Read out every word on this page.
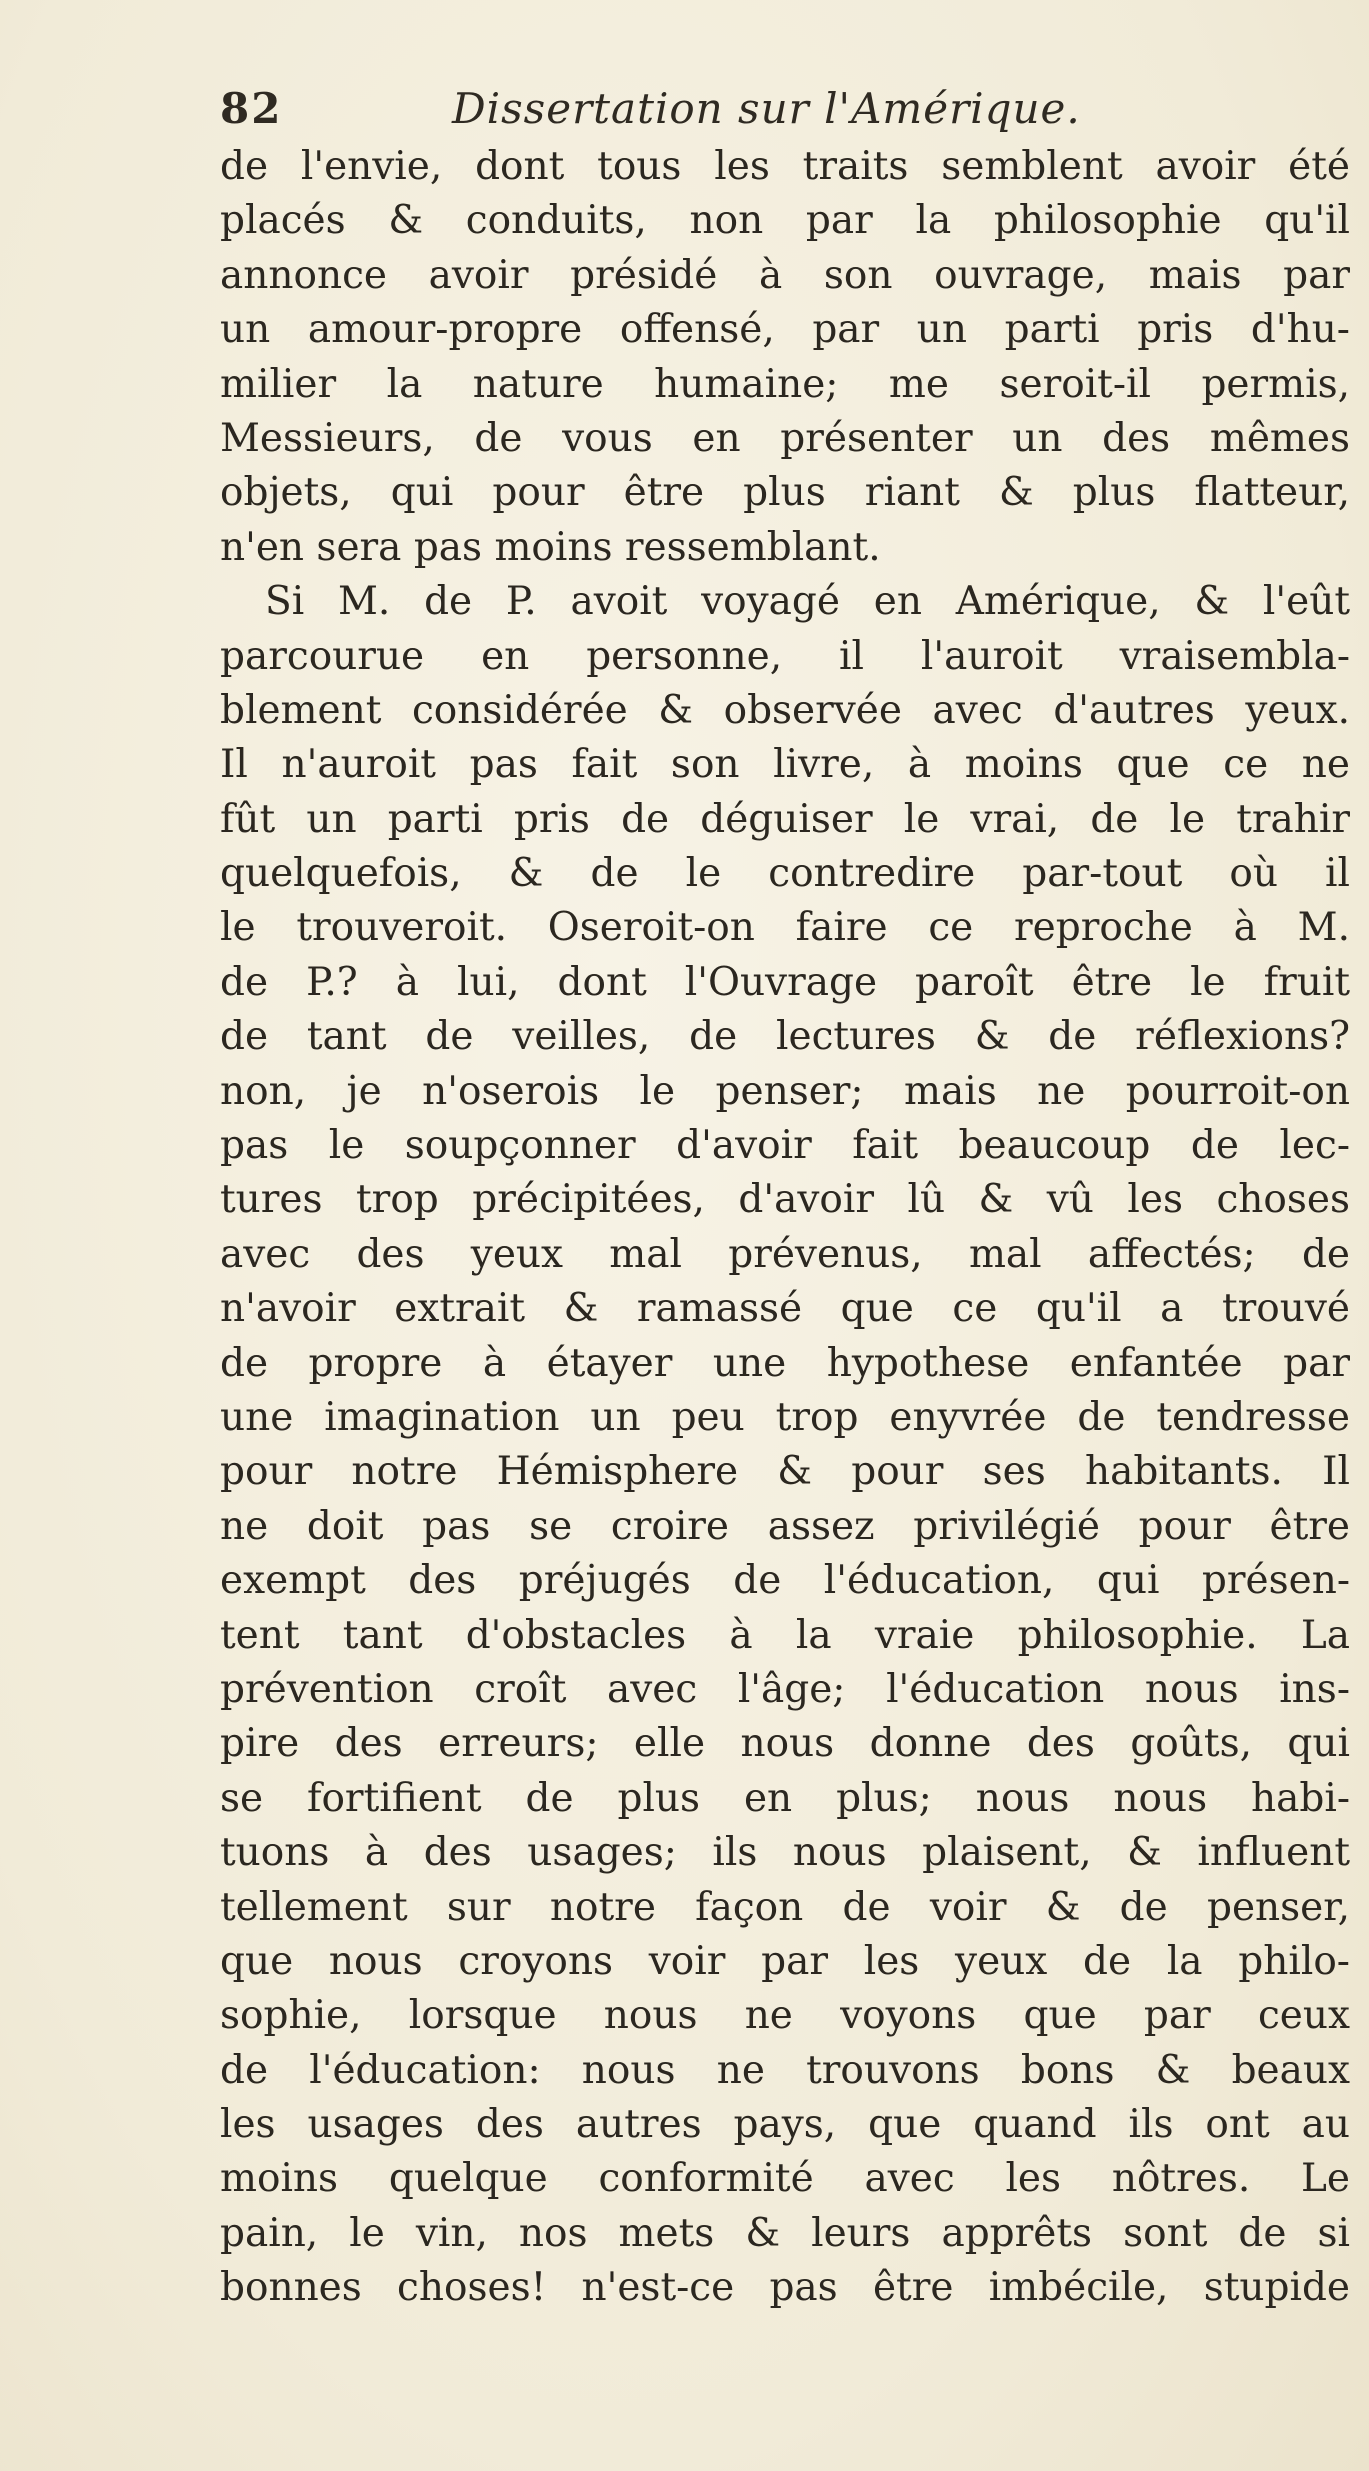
82	Dissertation sur l'Amérique.
de l'envie, dont tous les traits semblent avoir été
placés & conduits, non par la philosophie qu'il
annonce avoir présidé à son ouvrage, mais par
un amour-propre offensé, par un parti pris d'hu-
milier la nature humaine; me seroit-il permis,
Messieurs, de vous en présenter un des mêmes
objets, qui pour être plus riant & plus flatteur,
n'en sera pas moins ressemblant.
Si M. de P. avoit voyagé en Amérique, & l'eût
parcourue en personne, il l'auroit vraisembla-
blement considérée & observée avec d'autres yeux.
Il n'auroit pas fait son livre, à moins que ce ne
fût un parti pris de déguiser le vrai, de le trahir
quelquefois, & de le contredire par-tout où il
le trouveroit. Oseroit-on faire ce reproche à M.
de P.? à lui, dont l'Ouvrage paroît être le fruit
de tant de veilles, de lectures & de réflexions?
non, je n'oserois le penser; mais ne pourroit-on
pas le soupçonner d'avoir fait beaucoup de lec-
tures trop précipitées, d'avoir lû & vû les choses
avec des yeux mal prévenus, mal affectés; de
n'avoir extrait & ramassé que ce qu'il a trouvé
de propre à étayer une hypothese enfantée par
une imagination un peu trop enyvrée de tendresse
pour notre Hémisphere & pour ses habitants. Il
ne doit pas se croire assez privilégié pour être
exempt des préjugés de l'éducation, qui présen-
tent tant d'obstacles à la vraie philosophie. La
prévention croît avec l'âge; l'éducation nous ins-
pire des erreurs; elle nous donne des goûts, qui
se fortifient de plus en plus; nous nous habi-
tuons à des usages; ils nous plaisent, & influent
tellement sur notre façon de voir & de penser,
que nous croyons voir par les yeux de la philo-
sophie, lorsque nous ne voyons que par ceux
de l'éducation: nous ne trouvons bons & beaux
les usages des autres pays, que quand ils ont au
moins quelque conformité avec les nôtres. Le
pain, le vin, nos mets & leurs apprêts sont de si
bonnes choses! n'est-ce pas être imbécile, stupide
